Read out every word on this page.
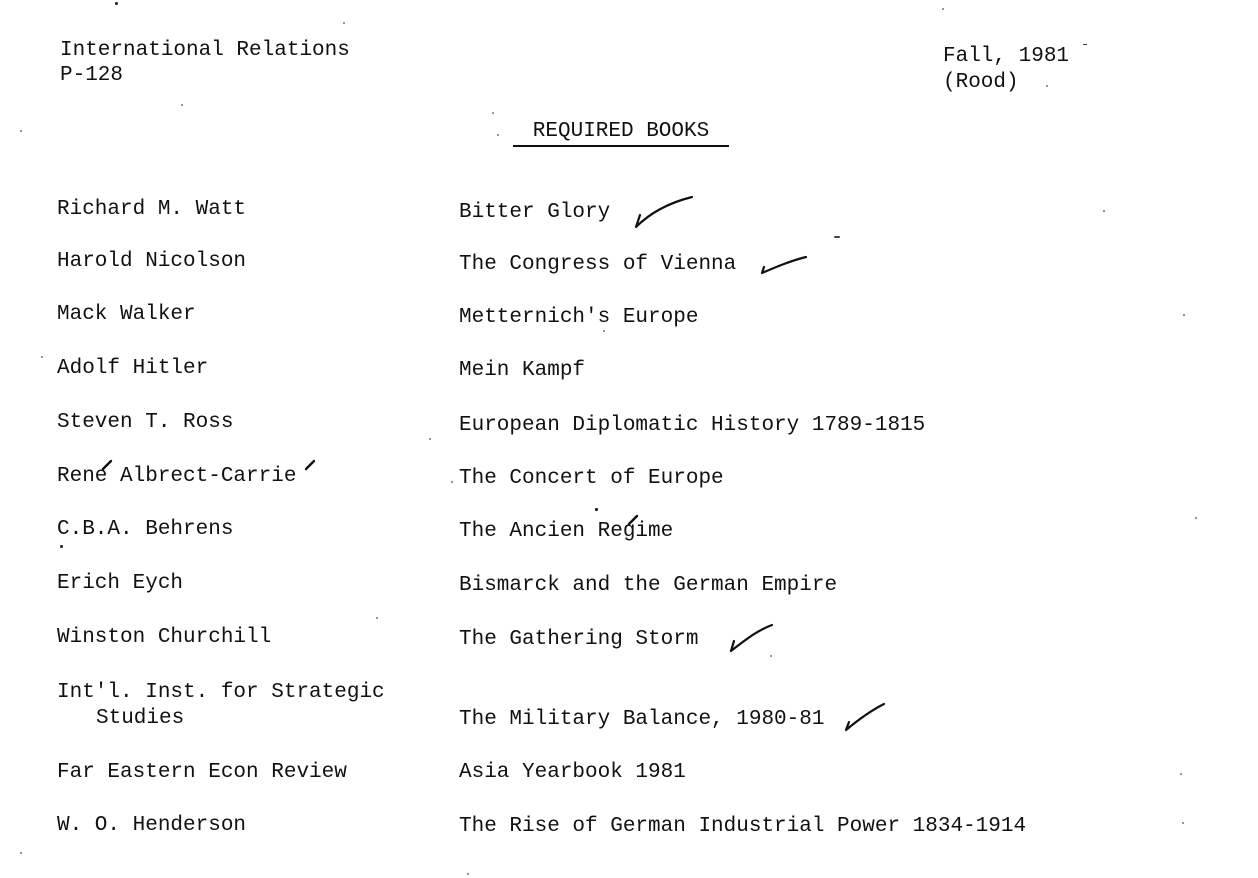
International Relations
P-128
Fall, 1981
(Rood)
REQUIRED BOOKS
Richard M. Watt	Bitter Glory
Harold Nicolson	The Congress of Vienna
Mack Walker	Metternich's Europe
Adolf Hitler	Mein Kampf
Steven T. Ross	European Diplomatic History 1789-1815
Rene Albrect-Carrie	The Concert of Europe
C.B.A. Behrens	The Ancien Regime
Erich Eych	Bismarck and the German Empire
Winston Churchill	The Gathering Storm
Int'l. Inst. for Strategic
Studies	The Military Balance, 1980-81
Far Eastern Econ Review	Asia Yearbook 1981
W. O. Henderson	The Rise of German Industrial Power 1834-1914
